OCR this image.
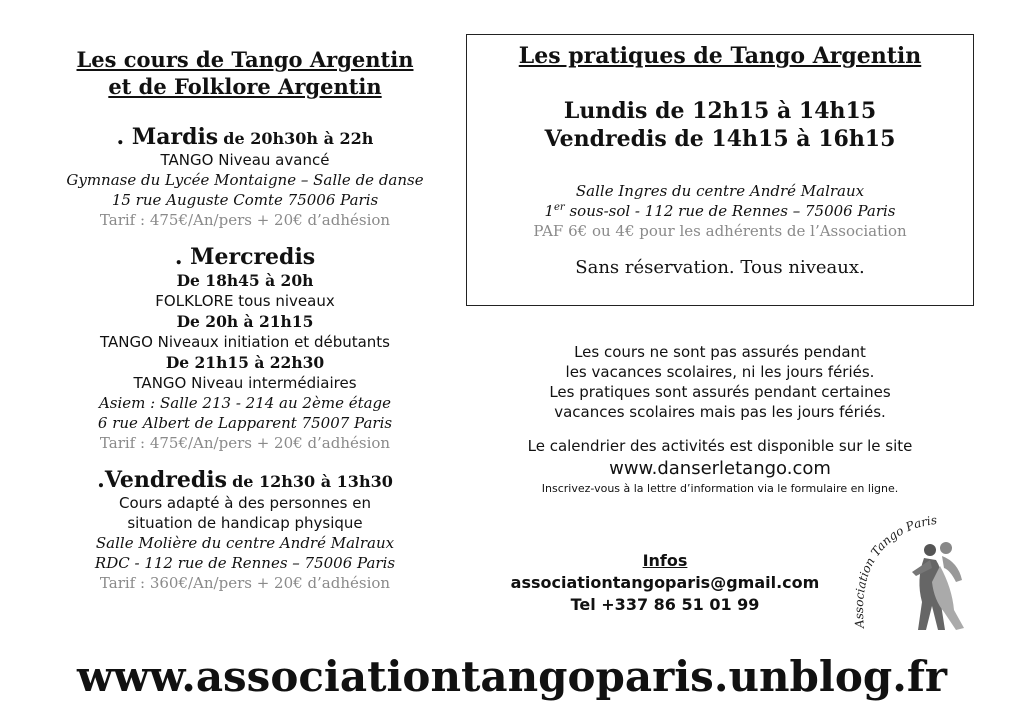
Les cours de Tango Argentin
et de Folklore Argentin
. Mardis de 20h30h à 22h
TANGO Niveau avancé
Gymnase du Lycée Montaigne – Salle de danse
15 rue Auguste Comte 75006 Paris
Tarif : 475€/An/pers + 20€ d’adhésion
. Mercredis
De 18h45 à 20h
FOLKLORE tous niveaux
De 20h à 21h15
TANGO Niveaux initiation et débutants
De 21h15 à 22h30
TANGO Niveau intermédiaires
Asiem : Salle 213 - 214 au 2ème étage
6 rue Albert de Lapparent 75007 Paris
Tarif : 475€/An/pers + 20€ d’adhésion
.Vendredis de 12h30 à 13h30
Cours adapté à des personnes en
situation de handicap physique
Salle Molière du centre André Malraux
RDC - 112 rue de Rennes – 75006 Paris
Tarif : 360€/An/pers + 20€ d’adhésion
Les pratiques de Tango Argentin
Lundis de 12h15 à 14h15
Vendredis de 14h15 à 16h15
Salle Ingres du centre André Malraux
1er sous-sol - 112 rue de Rennes – 75006 Paris
PAF 6€ ou 4€ pour les adhérents de l’Association
Sans réservation. Tous niveaux.
Les cours ne sont pas assurés pendant
les vacances scolaires, ni les jours fériés.
Les pratiques sont assurés pendant certaines
vacances scolaires mais pas les jours fériés.
Le calendrier des activités est disponible sur le site
www.danserletango.com
Inscrivez-vous à la lettre d’information via le formulaire en ligne.
Infos
associationtangoparis@gmail.com
Tel +337 86 51 01 99
Association Tango Paris
www.associationtangoparis.unblog.fr
